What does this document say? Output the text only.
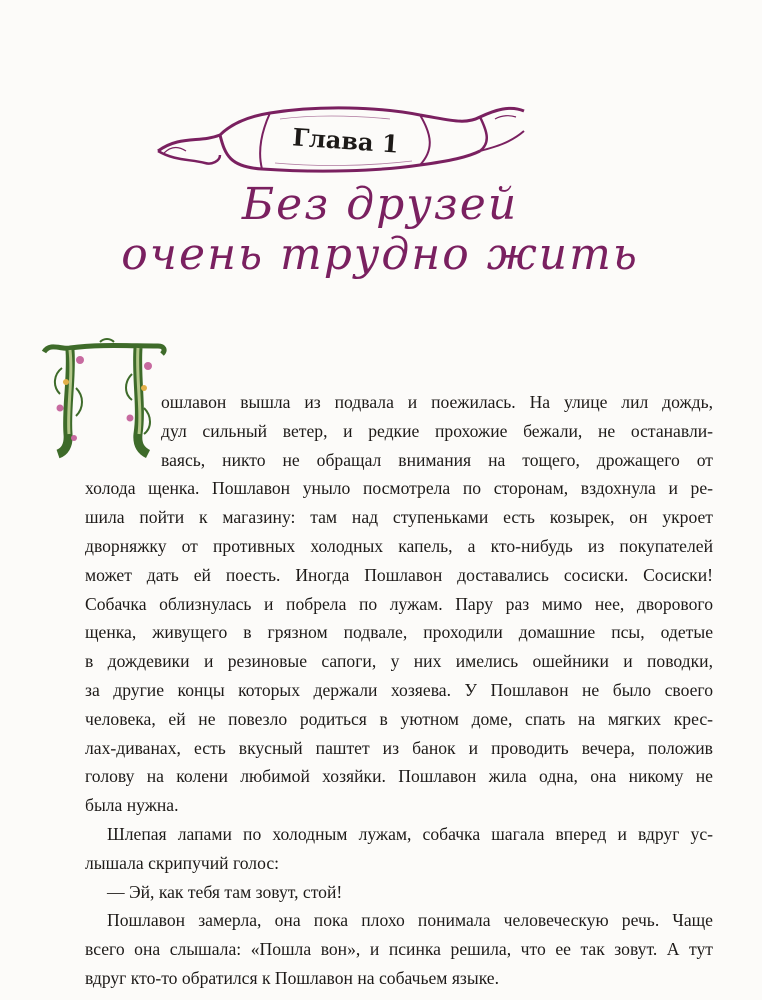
Глава 1
Без друзей
очень трудно жить
П
ошлавон вышла из подвала и поежилась. На улице лил дождь,
дул сильный ветер, и редкие прохожие бежали, не останавли-
ваясь, никто не обращал внимания на тощего, дрожащего от
холода щенка. Пошлавон уныло посмотрела по сторонам, вздохнула и ре-
шила пойти к магазину: там над ступеньками есть козырек, он укроет
дворняжку от противных холодных капель, а кто-нибудь из покупателей
может дать ей поесть. Иногда Пошлавон доставались сосиски. Сосиски!
Собачка облизнулась и побрела по лужам. Пару раз мимо нее, дворового
щенка, живущего в грязном подвале, проходили домашние псы, одетые
в дождевики и резиновые сапоги, у них имелись ошейники и поводки,
за другие концы которых держали хозяева. У Пошлавон не было своего
человека, ей не повезло родиться в уютном доме, спать на мягких крес-
лах-диванах, есть вкусный паштет из банок и проводить вечера, положив
голову на колени любимой хозяйки. Пошлавон жила одна, она никому не
была нужна.
Шлепая лапами по холодным лужам, собачка шагала вперед и вдруг ус-
лышала скрипучий голос:
— Эй, как тебя там зовут, стой!
Пошлавон замерла, она пока плохо понимала человеческую речь. Чаще
всего она слышала: «Пошла вон», и псинка решила, что ее так зовут. А тут
вдруг кто-то обратился к Пошлавон на собачьем языке.
